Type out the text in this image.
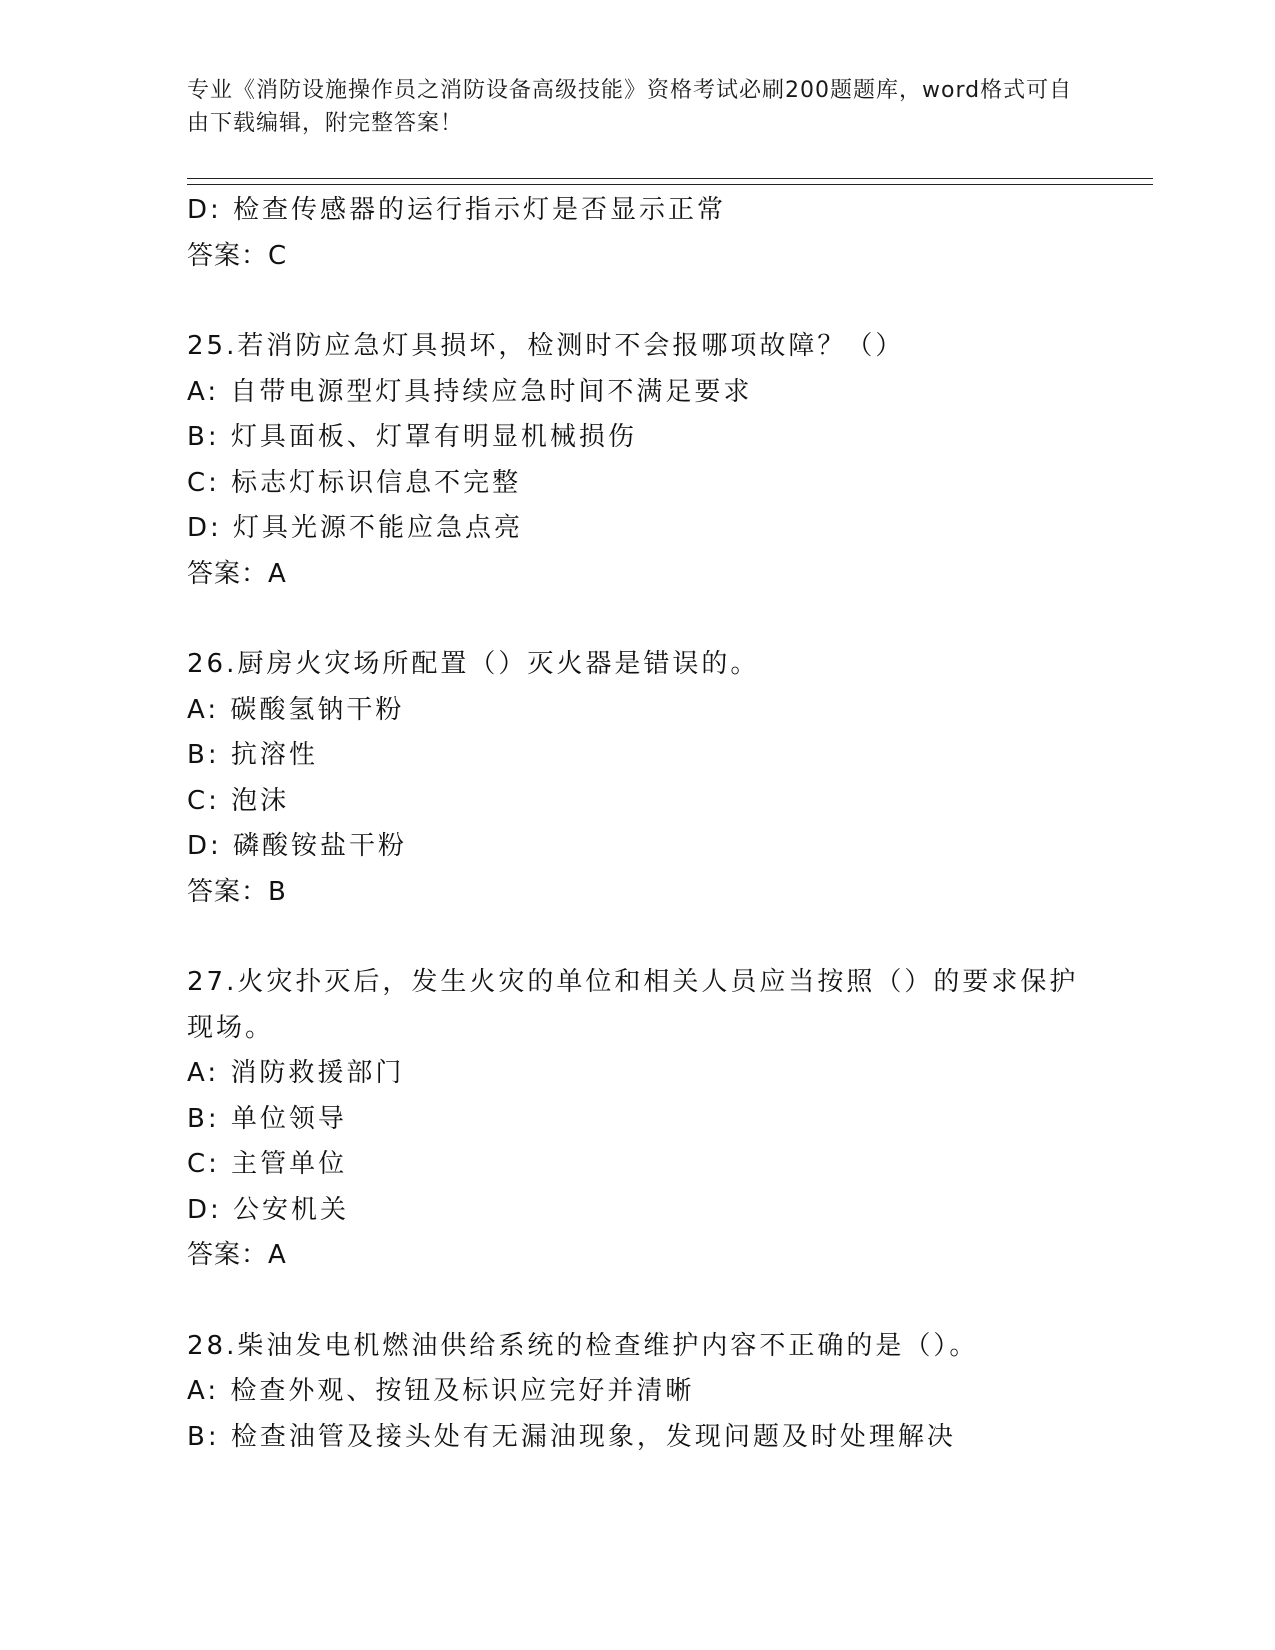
专业《消防设施操作员之消防设备高级技能》资格考试必刷200题题库，word格式可自由下载编辑，附完整答案！
D: 检查传感器的运行指示灯是否显示正常
答案：C
25.若消防应急灯具损坏，检测时不会报哪项故障？（）
A: 自带电源型灯具持续应急时间不满足要求
B: 灯具面板、灯罩有明显机械损伤
C: 标志灯标识信息不完整
D: 灯具光源不能应急点亮
答案：A
26.厨房火灾场所配置（）灭火器是错误的。
A: 碳酸氢钠干粉
B: 抗溶性
C: 泡沫
D: 磷酸铵盐干粉
答案：B
27.火灾扑灭后，发生火灾的单位和相关人员应当按照（）的要求保护
现场。
A: 消防救援部门
B: 单位领导
C: 主管单位
D: 公安机关
答案：A
28.柴油发电机燃油供给系统的检查维护内容不正确的是（）。
A: 检查外观、按钮及标识应完好并清晰
B: 检查油管及接头处有无漏油现象，发现问题及时处理解决
